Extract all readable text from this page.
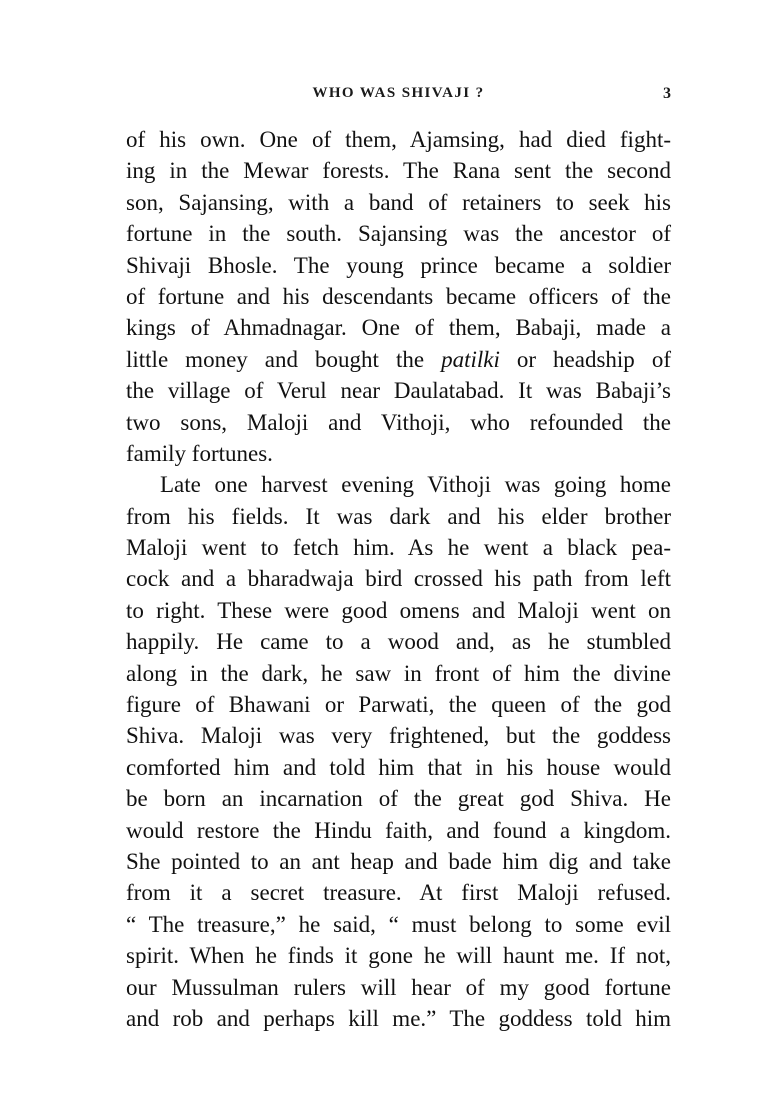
WHO WAS SHIVAJI ?	3
of his own. One of them, Ajamsing, had died fight-
ing in the Mewar forests. The Rana sent the second
son, Sajansing, with a band of retainers to seek his
fortune in the south. Sajansing was the ancestor of
Shivaji Bhosle. The young prince became a soldier
of fortune and his descendants became officers of the
kings of Ahmadnagar. One of them, Babaji, made a
little money and bought the patilki or headship of
the village of Verul near Daulatabad. It was Babaji’s
two sons, Maloji and Vithoji, who refounded the
family fortunes.
Late one harvest evening Vithoji was going home
from his fields. It was dark and his elder brother
Maloji went to fetch him. As he went a black pea-
cock and a bharadwaja bird crossed his path from left
to right. These were good omens and Maloji went on
happily. He came to a wood and, as he stumbled
along in the dark, he saw in front of him the divine
figure of Bhawani or Parwati, the queen of the god
Shiva. Maloji was very frightened, but the goddess
comforted him and told him that in his house would
be born an incarnation of the great god Shiva. He
would restore the Hindu faith, and found a kingdom.
She pointed to an ant heap and bade him dig and take
from it a secret treasure. At first Maloji refused.
“ The treasure,” he said, “ must belong to some evil
spirit. When he finds it gone he will haunt me. If not,
our Mussulman rulers will hear of my good fortune
and rob and perhaps kill me.” The goddess told him
